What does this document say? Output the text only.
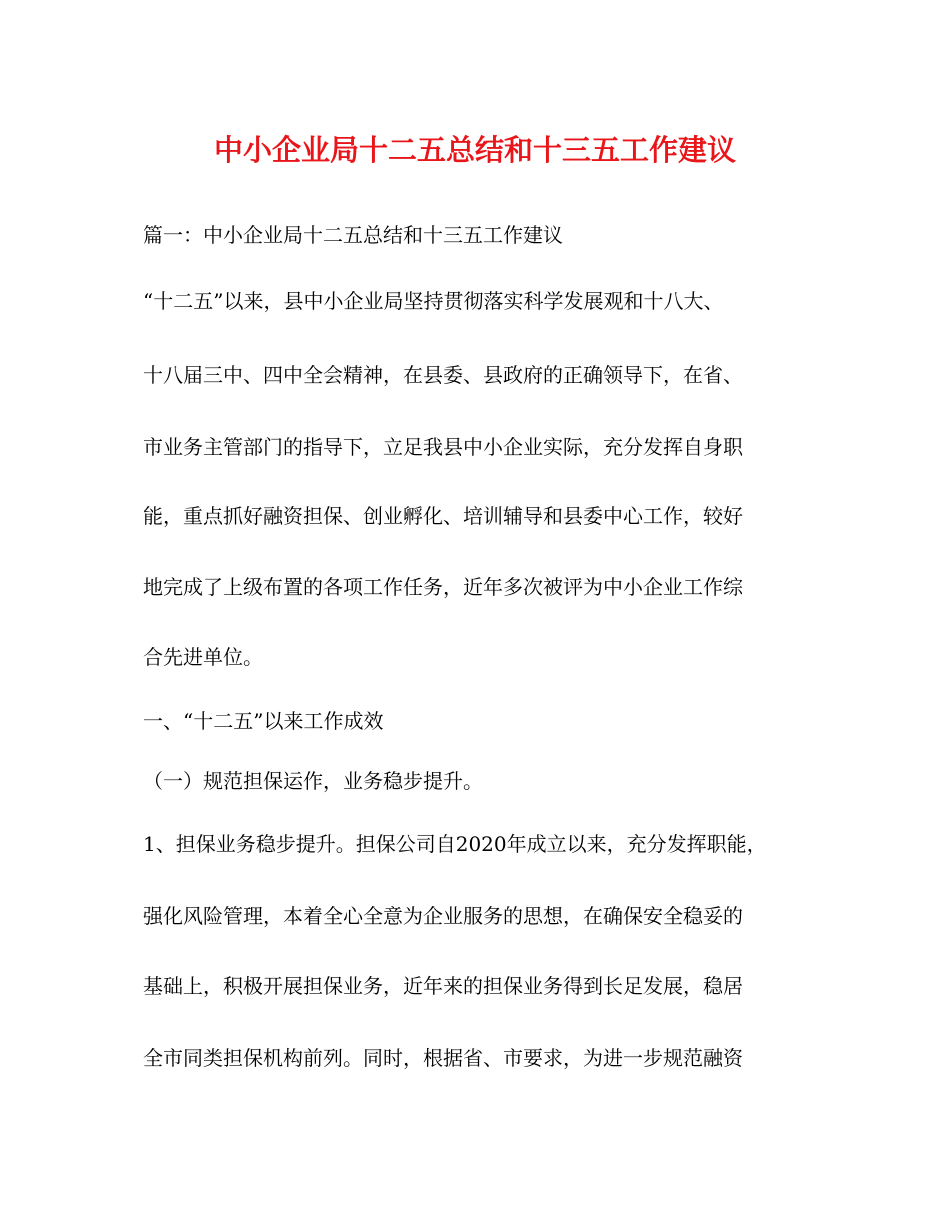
中小企业局十二五总结和十三五工作建议

篇一：中小企业局十二五总结和十三五工作建议

“十二五”以来，县中小企业局坚持贯彻落实科学发展观和十八大、

十八届三中、四中全会精神，在县委、县政府的正确领导下，在省、

市业务主管部门的指导下，立足我县中小企业实际，充分发挥自身职

能，重点抓好融资担保、创业孵化、培训辅导和县委中心工作，较好

地完成了上级布置的各项工作任务，近年多次被评为中小企业工作综

合先进单位。

一、“十二五”以来工作成效

（一）规范担保运作，业务稳步提升。

1、担保业务稳步提升。担保公司自2020年成立以来，充分发挥职能，

强化风险管理，本着全心全意为企业服务的思想，在确保安全稳妥的

基础上，积极开展担保业务，近年来的担保业务得到长足发展，稳居

全市同类担保机构前列。同时，根据省、市要求，为进一步规范融资
